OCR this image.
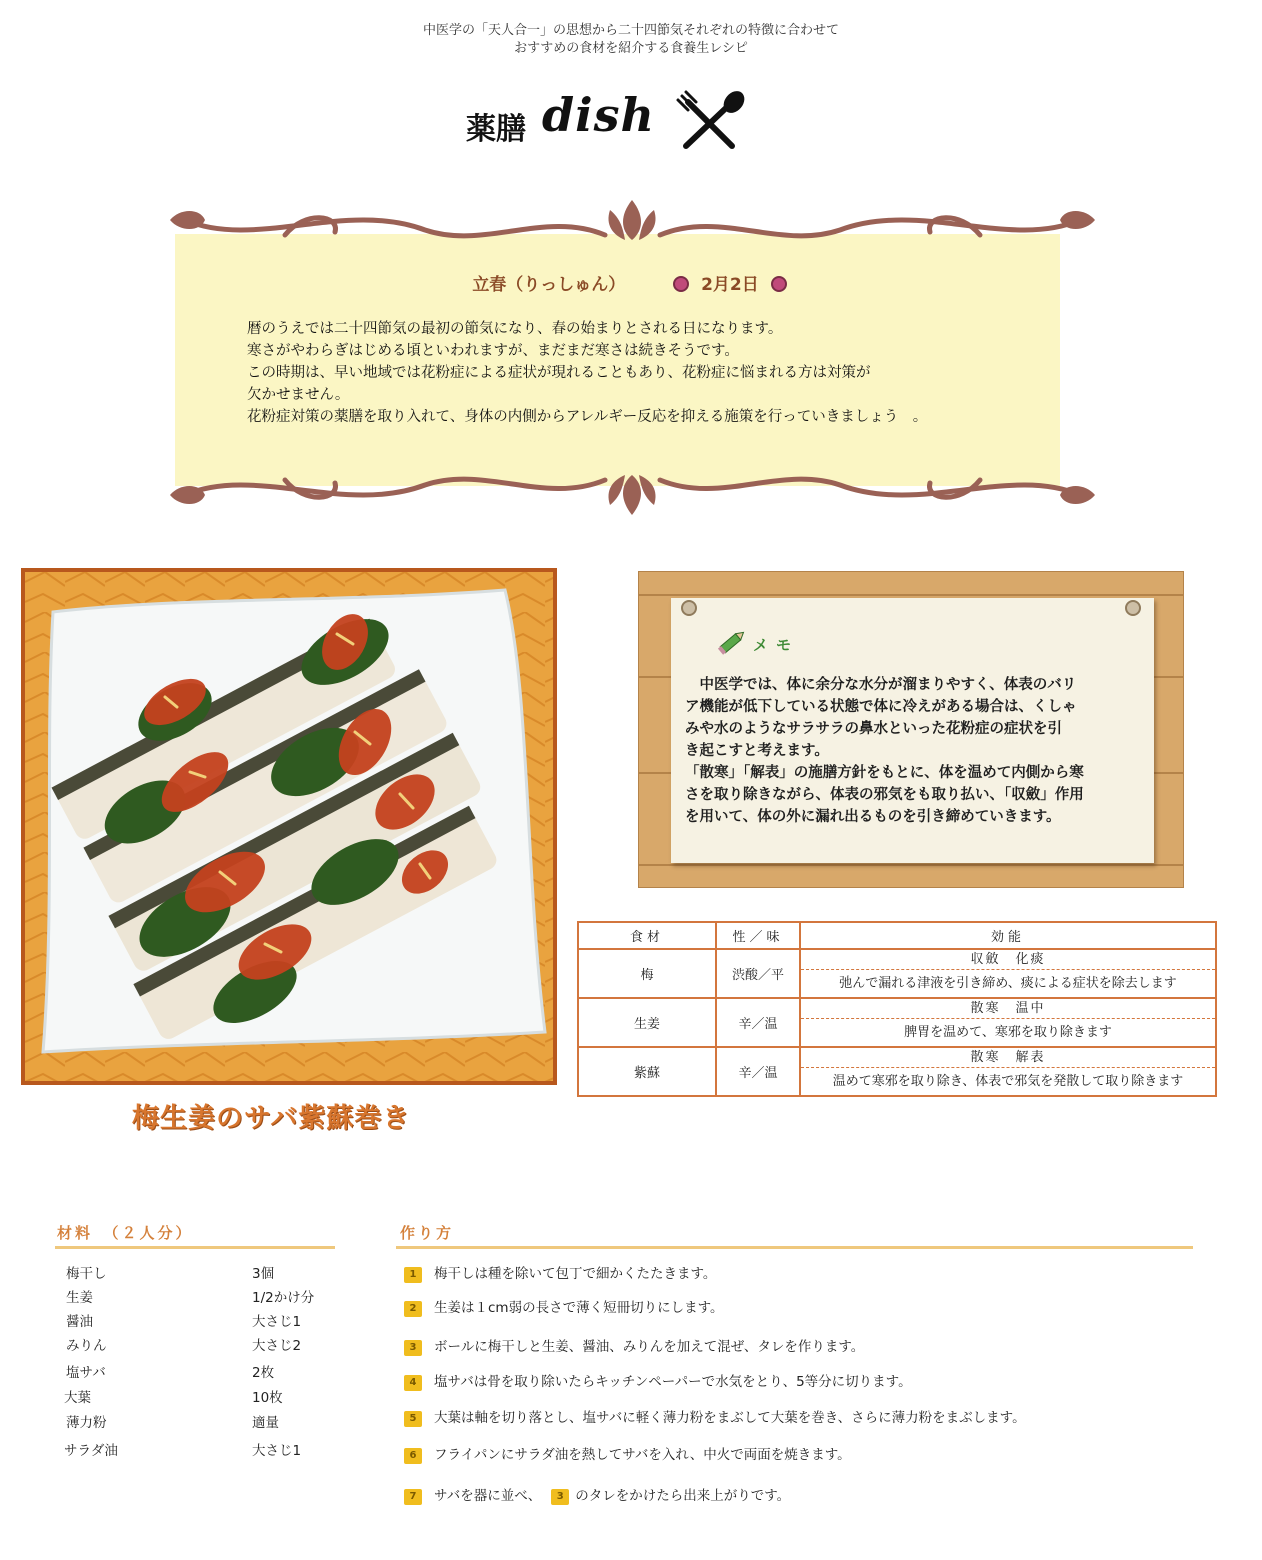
中医学の「天人合一」の思想から二十四節気それぞれの特徴に合わせて
おすすめの食材を紹介する食養生レシピ
薬膳 dish
立春（りっしゅん）	2月2日
暦のうえでは二十四節気の最初の節気になり、春の始まりとされる日になります。
寒さがやわらぎはじめる頃といわれますが、まだまだ寒さは続きそうです。
この時期は、早い地域では花粉症による症状が現れることもあり、花粉症に悩まれる方は対策が
欠かせません。
花粉症対策の薬膳を取り入れて、身体の内側からアレルギー反応を抑える施策を行っていきましょう　。
梅生姜のサバ紫蘇巻き
メモ
　中医学では、体に余分な水分が溜まりやすく、体表のバリ
ア機能が低下している状態で体に冷えがある場合は、くしゃ
みや水のようなサラサラの鼻水といった花粉症の症状を引
き起こすと考えます。
「散寒」「解表」の施膳方針をもとに、体を温めて内側から寒
さを取り除きながら、体表の邪気をも取り払い、「収斂」作用
を用いて、体の外に漏れ出るものを引き締めていきます。
食材	性／味	効能
梅	渋酸／平	収斂　化痰
弛んで漏れる津液を引き締め、痰による症状を除去します

生姜	辛／温	散寒　温中
脾胃を温めて、寒邪を取り除きます

紫蘇	辛／温	散寒　解表
温めて寒邪を取り除き、体表で邪気を発散して取り除きます
材料　（２人分）
梅干し	3個
生姜	1/2かけ分
醤油	大さじ1
みりん	大さじ2
塩サバ	2枚
大葉	10枚
薄力粉	適量
サラダ油	大さじ1
作り方
1 梅干しは種を除いて包丁で細かくたたきます。
2 生姜は１cm弱の長さで薄く短冊切りにします。
3 ボールに梅干しと生姜、醤油、みりんを加えて混ぜ、タレを作ります。
4 塩サバは骨を取り除いたらキッチンペーパーで水気をとり、5等分に切ります。
5 大葉は軸を切り落とし、塩サバに軽く薄力粉をまぶして大葉を巻き、さらに薄力粉をまぶします。
6 フライパンにサラダ油を熱してサバを入れ、中火で両面を焼きます。
7 サバを器に並べ、 3 のタレをかけたら出来上がりです。
